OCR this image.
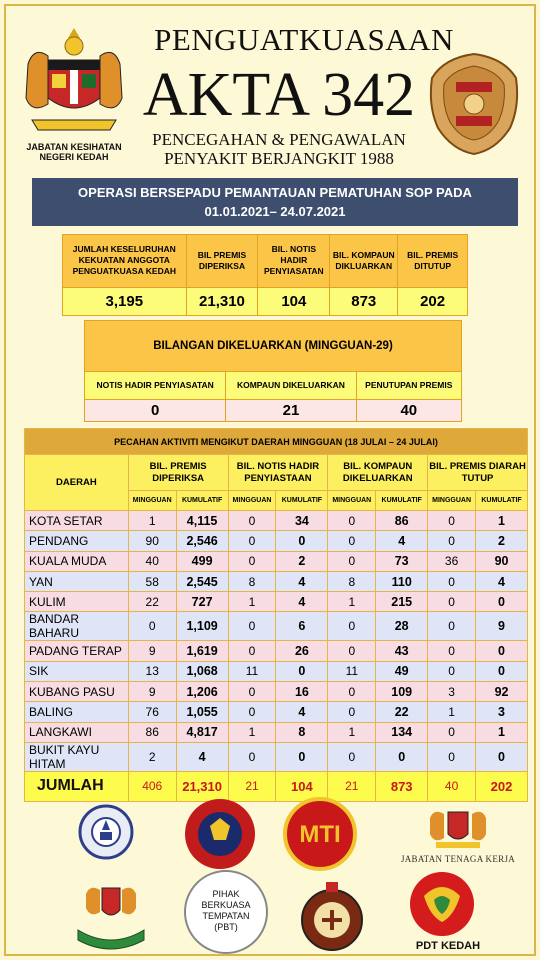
JABATAN KESIHATAN
NEGERI KEDAH
PENGUATKUASAAN
AKTA 342
PENCEGAHAN & PENGAWALAN
PENYAKIT BERJANGKIT 1988
OPERASI BERSEPADU PEMANTAUAN PEMATUHAN SOP PADA
01.01.2021– 24.07.2021
JUMLAH KESELURUHAN KEKUATAN ANGGOTA PENGUATKUASA KEDAH	BIL PREMIS DIPERIKSA	BIL. NOTIS HADIR PENYIASATAN	BIL. KOMPAUN DIKLUARKAN	BIL. PREMIS DITUTUP
3,195	21,310	104	873	202
BILANGAN DIKELUARKAN (MINGGUAN-29)		
NOTIS HADIR PENYIASATAN	KOMPAUN DIKELUARKAN	PENUTUPAN PREMIS
0	21	40
PECAHAN AKTIVITI MENGIKUT DAERAH MINGGUAN (18 JULAI – 24 JULAI)								
DAERAH	BIL. PREMIS DIPERIKSA		BIL. NOTIS HADIR PENYIASTAAN		BIL. KOMPAUN DIKELUARKAN		BIL. PREMIS DIARAH TUTUP	
	MINGGUAN	KUMULATIF	MINGGUAN	KUMULATIF	MINGGUAN	KUMULATIF	MINGGUAN	KUMULATIF
KOTA SETAR	1	4,115	0	34	0	86	0	1
PENDANG	90	2,546	0	0	0	4	0	2
KUALA MUDA	40	499	0	2	0	73	36	90
YAN	58	2,545	8	4	8	110	0	4
KULIM	22	727	1	4	1	215	0	0
BANDAR BAHARU	0	1,109	0	6	0	28	0	9
PADANG TERAP	9	1,619	0	26	0	43	0	0
SIK	13	1,068	11	0	11	49	0	0
KUBANG PASU	9	1,206	0	16	0	109	3	92
BALING	76	1,055	0	4	0	22	1	3
LANGKAWI	86	4,817	1	8	1	134	0	1
BUKIT KAYU HITAM	2	4	0	0	0	0	0	0
JUMLAH	406	21,310	21	104	21	873	40	202
MTI
JABATAN TENAGA KERJA
PIHAK
BERKUASA
TEMPATAN
(PBT)
PDT KEDAH
